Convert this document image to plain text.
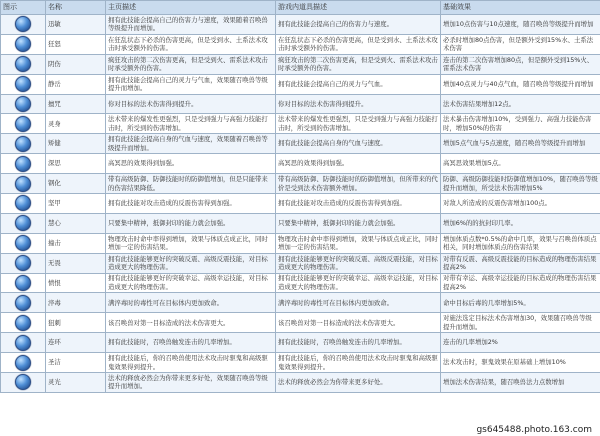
图示	名称	主页描述	游戏内道具描述	基础效果
	迅敏	拥有此技能会提高自己的伤害力与速度，效果随着召唤兽等级提升而增加。	拥有此技能会提高自己的伤害力与速度。	增加10点伤害与10点速度，随召唤兽等级提升而增加
	狂怒	在狂乱状态下必杀的伤害更高，但是受到水、土系法术攻击时承受额外的伤害。	在狂乱状态下必杀的伤害更高，但是受到水、土系法术攻击时承受额外的伤害。	必杀时增加80点伤害，但是额外受到15%水、土系法术伤害
	阴伤	疯狂攻击的第二次伤害更高，但是受到火、雷系法术攻击时承受额外的伤害。	疯狂攻击的第二次伤害更高，但是受到火、雷系法术攻击时承受额外的伤害。	连击的第二次伤害增加80点，但是额外受到15%火、雷系法术伤害
	静岳	拥有此技能会提高自己的灵力与气血，效果随召唤兽等级提升而增加。	拥有此技能会提高自己的灵力与气血。	增加40点灵力与40点气血，随召唤兽等级提升而增加
	擅咒	你对目标的法术伤害得到提升。	你对目标的法术伤害得到提升。	法术伤害结果增加12点。
	灵身	法术带来的爆发性更强烈，只是受到强力与高强力技能打击时，所受到的伤害增加。	法术带来的爆发性更强烈，只是受到强力与高强力技能打击时，所受到的伤害增加。	法术暴击伤害增加10%，受到强力、高强力技能伤害时，增加50%的伤害
	矫健	拥有此技能会提高自身的气血与速度，效果随着召唤兽等级提升而增加。	拥有此技能会提高自身的气血与速度。	增加5点气血与5点速度，随召唤兽等级提升而增加
	深思	高冥思的效果得到加强。	高冥思的效果得到加强。	高冥思效果增加5点。
	钢化	带有高级防御、防御技能时的防御值增加，但是只能带来的伤害结果降低。	带有高级防御、防御技能时的防御值增加，但所带来的代价是受到法术伤害额外增加。	防御、高级防御技能时防御值增加10%，随召唤兽等级提升而增加，所受法术伤害增加5%
	坚甲	拥有此技能对攻击造成的反震伤害得到加强。	拥有此技能对攻击造成的反震伤害得到加强。	对敌人所造成的反震伤害增加100点。
	慧心	只要集中精神，抵御封印的能力就会加强。	只要集中精神，抵御封印的能力就会加强。	增加6%的的抗封印几率。
	撞击	物理攻击时命中率得到增加，效果与体质点成正比，同时增加一定的伤害结果。	物理攻击时命中率得到增加，效果与体质点成正比，同时增加一定的伤害结果。	增加体质点数*0.5%的命中几率，效果与召唤兽体质点相关，同时增加体质点的伤害结果
	无畏	拥有此技能能够更好的突破反震、高级反震技能，对目标造成更大的物理伤害。	拥有此技能能够更好的突破反震、高级反震技能，对目标造成更大的物理伤害。	对带有反震、高级反震技能的目标造成的物理伤害结果提高2%
	愤恨	拥有此技能能够更好的突破幸运、高级幸运技能，对目标造成更大的物理伤害。	拥有此技能能够更好的突破幸运、高级幸运技能，对目标造成更大的物理伤害。	对带有幸运、高级幸运技能的目标造成的物理伤害结果提高2%
	淬毒	满淬毒时的毒性可在目标体内更加致命。	满淬毒时的毒性可在目标体内更加致命。	命中目标后毒的几率增加5%。
	狙刺	该召唤兽对第一目标造成的法术伤害更大。	该召唤兽对第一目标造成的法术伤害更大。	对施法选定目标法术伤害增加30，效果随召唤兽等级提升而增加。
	连环	拥有此技能时，召唤兽触发连击的几率增加。	拥有此技能时，召唤兽触发连击的几率增加。	连击的几率增加2%
	圣洁	拥有此技能后，你的召唤兽使用法术攻击时驱鬼和高级驱鬼效果得到提升。	拥有此技能后，你的召唤兽使用法术攻击时驱鬼和高级驱鬼效果得到提升。	法术攻击时，驱鬼效果在原基础上增加10%
	灵光	法术的释放必然会为你带来更多好处，效果随召唤兽等级提升而增加。	法术的释放必然会为你带来更多好处。	增加法术伤害结果，随召唤兽法力点数增加
gs645488.photo.163.com
